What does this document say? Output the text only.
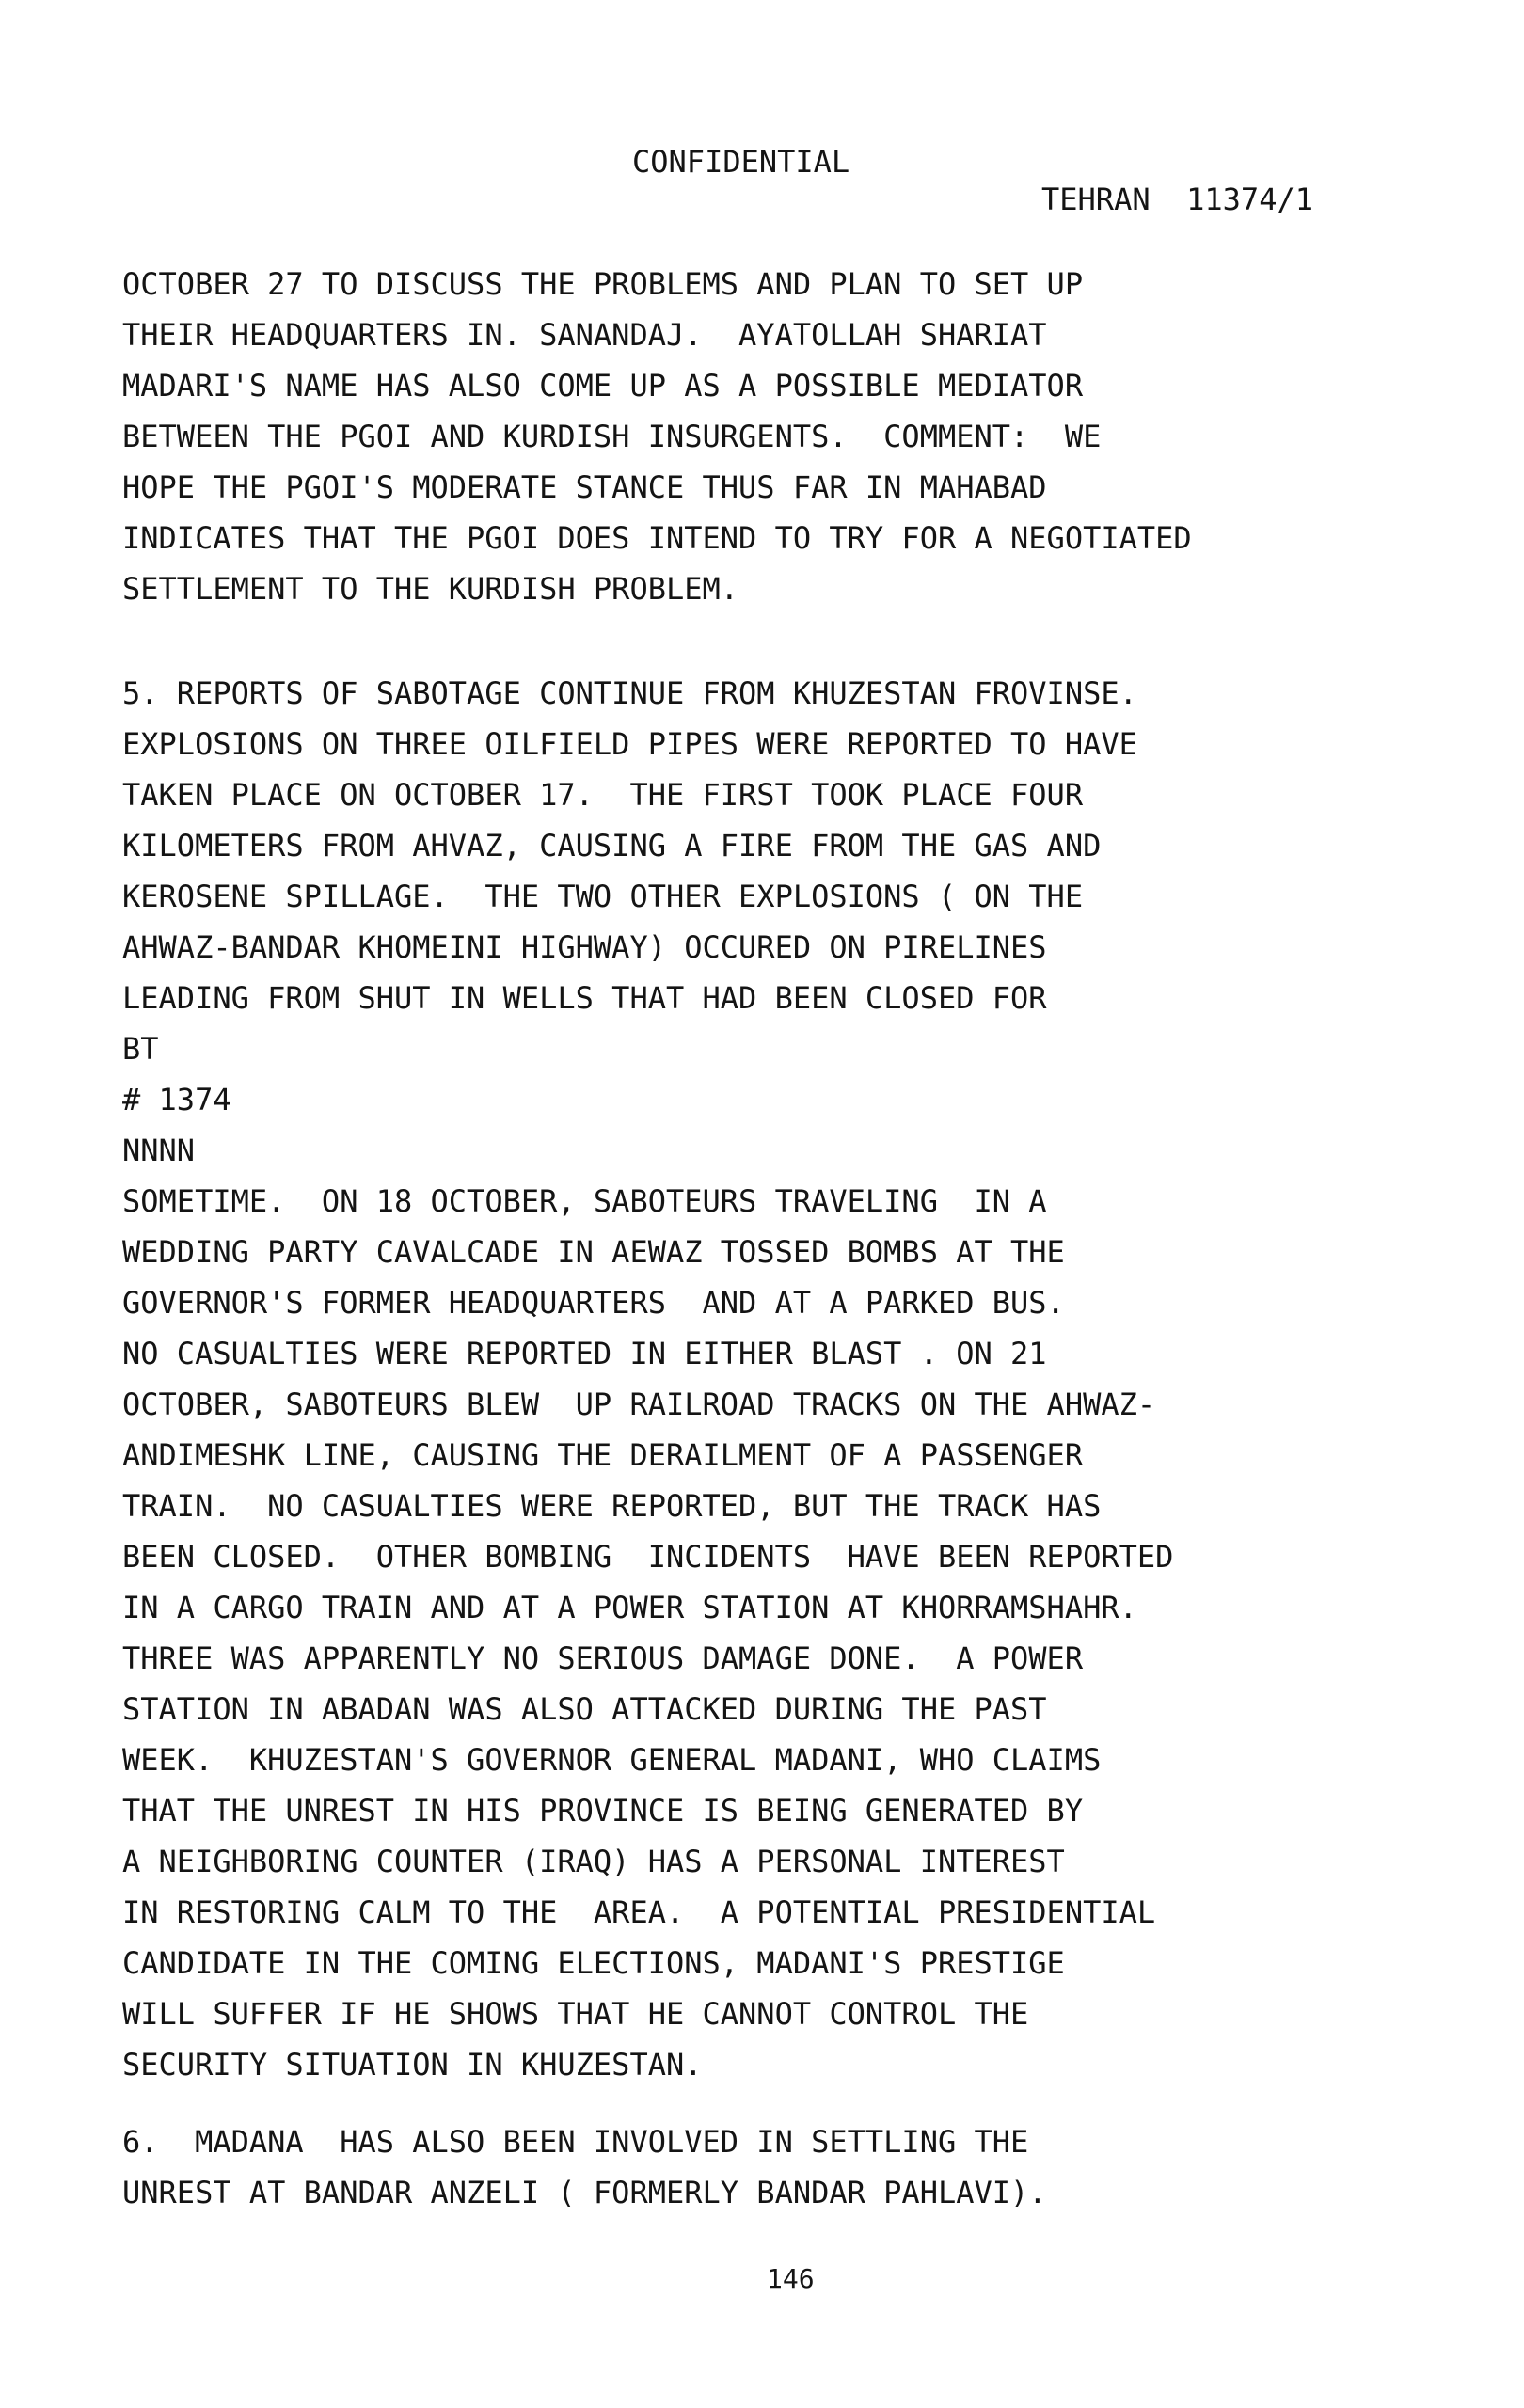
CONFIDENTIAL

TEHRAN  11374/1

OCTOBER 27 TO DISCUSS THE PROBLEMS AND PLAN TO SET UP
THEIR HEADQUARTERS IN. SANANDAJ.  AYATOLLAH SHARIAT
MADARI'S NAME HAS ALSO COME UP AS A POSSIBLE MEDIATOR
BETWEEN THE PGOI AND KURDISH INSURGENTS.  COMMENT:  WE
HOPE THE PGOI'S MODERATE STANCE THUS FAR IN MAHABAD
INDICATES THAT THE PGOI DOES INTEND TO TRY FOR A NEGOTIATED
SETTLEMENT TO THE KURDISH PROBLEM.
5. REPORTS OF SABOTAGE CONTINUE FROM KHUZESTAN FROVINSE.
EXPLOSIONS ON THREE OILFIELD PIPES WERE REPORTED TO HAVE
TAKEN PLACE ON OCTOBER 17.  THE FIRST TOOK PLACE FOUR
KILOMETERS FROM AHVAZ, CAUSING A FIRE FROM THE GAS AND
KEROSENE SPILLAGE.  THE TWO OTHER EXPLOSIONS ( ON THE
AHWAZ-BANDAR KHOMEINI HIGHWAY) OCCURED ON PIRELINES
LEADING FROM SHUT IN WELLS THAT HAD BEEN CLOSED FOR
BT
# 1374
NNNN
SOMETIME.  ON 18 OCTOBER, SABOTEURS TRAVELING  IN A
WEDDING PARTY CAVALCADE IN AEWAZ TOSSED BOMBS AT THE
GOVERNOR'S FORMER HEADQUARTERS  AND AT A PARKED BUS.
NO CASUALTIES WERE REPORTED IN EITHER BLAST . ON 21
OCTOBER, SABOTEURS BLEW  UP RAILROAD TRACKS ON THE AHWAZ-
ANDIMESHK LINE, CAUSING THE DERAILMENT OF A PASSENGER
TRAIN.  NO CASUALTIES WERE REPORTED, BUT THE TRACK HAS
BEEN CLOSED.  OTHER BOMBING  INCIDENTS  HAVE BEEN REPORTED
IN A CARGO TRAIN AND AT A POWER STATION AT KHORRAMSHAHR.
THREE WAS APPARENTLY NO SERIOUS DAMAGE DONE.  A POWER
STATION IN ABADAN WAS ALSO ATTACKED DURING THE PAST
WEEK.  KHUZESTAN'S GOVERNOR GENERAL MADANI, WHO CLAIMS
THAT THE UNREST IN HIS PROVINCE IS BEING GENERATED BY
A NEIGHBORING COUNTER (IRAQ) HAS A PERSONAL INTEREST
IN RESTORING CALM TO THE  AREA.  A POTENTIAL PRESIDENTIAL
CANDIDATE IN THE COMING ELECTIONS, MADANI'S PRESTIGE
WILL SUFFER IF HE SHOWS THAT HE CANNOT CONTROL THE
SECURITY SITUATION IN KHUZESTAN.
6.  MADANA  HAS ALSO BEEN INVOLVED IN SETTLING THE
UNREST AT BANDAR ANZELI ( FORMERLY BANDAR PAHLAVI).
146
